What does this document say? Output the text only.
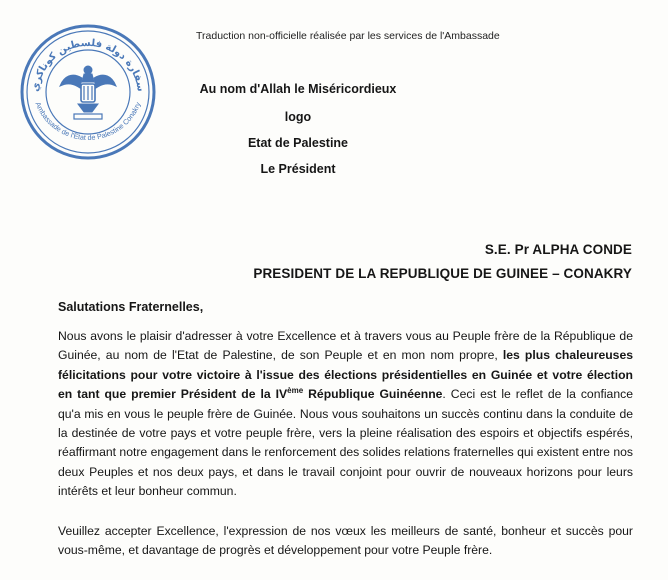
سفارة دولة فلسطين كوناكري
Ambassade de l'Etat de Palestine Conakry
Traduction non-officielle réalisée par les services de l'Ambassade
Au nom d'Allah le Miséricordieux
logo
Etat de Palestine
Le Président
S.E. Pr ALPHA CONDE
PRESIDENT DE LA REPUBLIQUE DE GUINEE – CONAKRY
Salutations Fraternelles,
Nous avons le plaisir d'adresser à votre Excellence et à travers vous au Peuple frère de la République de Guinée, au nom de l'Etat de Palestine, de son Peuple et en mon nom propre, les plus chaleureuses félicitations pour votre victoire à l'issue des élections présidentielles en Guinée et votre élection en tant que premier Président de la IVème République Guinéenne. Ceci est le reflet de la confiance qu'a mis en vous le peuple frère de Guinée. Nous vous souhaitons un succès continu dans la conduite de la destinée de votre pays et votre peuple frère, vers la pleine réalisation des espoirs et objectifs espérés, réaffirmant notre engagement dans le renforcement des solides relations fraternelles qui existent entre nos deux Peuples et nos deux pays, et dans le travail conjoint pour ouvrir de nouveaux horizons pour leurs intérêts et leur bonheur commun.
Veuillez accepter Excellence, l'expression de nos vœux les meilleurs de santé, bonheur et succès pour vous-même, et davantage de progrès et développement pour votre Peuple frère.
